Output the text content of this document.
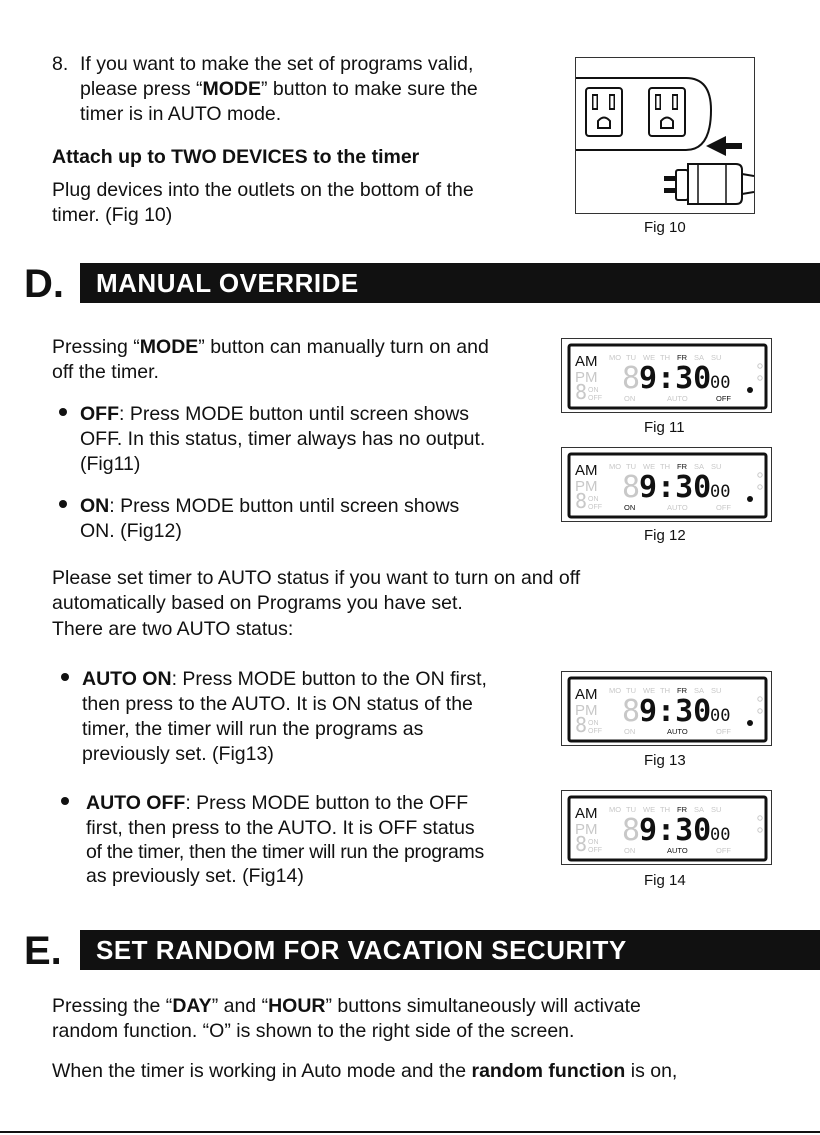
8. If you want to make the set of programs valid,
please press “MODE” button to make sure the
timer is in AUTO mode.
Attach up to TWO DEVICES to the timer
Plug devices into the outlets on the bottom of the
timer. (Fig 10)
Fig 10
D.	MANUAL OVERRIDE
Pressing “MODE” button can manually turn on and
off the timer.
OFF: Press MODE button until screen shows
OFF. In this status, timer always has no output.
(Fig11)
ON: Press MODE button until screen shows
ON. (Fig12)
Please set timer to AUTO status if you want to turn on and off
automatically based on Programs you have set.
There are two AUTO status:
AUTO ON: Press MODE button to the ON first,
then press to the AUTO. It is ON status of the
timer, the timer will run the programs as
previously set. (Fig13)
AUTO OFF: Press MODE button to the OFF
first, then press to the AUTO. It is OFF status
of the timer, then the timer will run the programs
as previously set. (Fig14)
AM
PM
MO TU WE TH FR SA SU
8 ON
OFF
8
9:30
00
ON	AUTO	OFF
Fig 11
AM
PM
MO TU WE TH FR SA SU
8 ON
OFF
8
9:30
00
ON	AUTO	OFF
Fig 12
AM
PM
MO TU WE TH FR SA SU
8 ON
OFF
8
9:30
00
ON	AUTO	OFF
Fig 13
AM
PM
MO TU WE TH FR SA SU
8 ON
OFF
8
9:30
00
ON	AUTO	OFF
Fig 14
E.	SET RANDOM FOR VACATION SECURITY
Pressing the “DAY” and “HOUR” buttons simultaneously will activate
random function. “O” is shown to the right side of the screen.
When the timer is working in Auto mode and the random function is on,
